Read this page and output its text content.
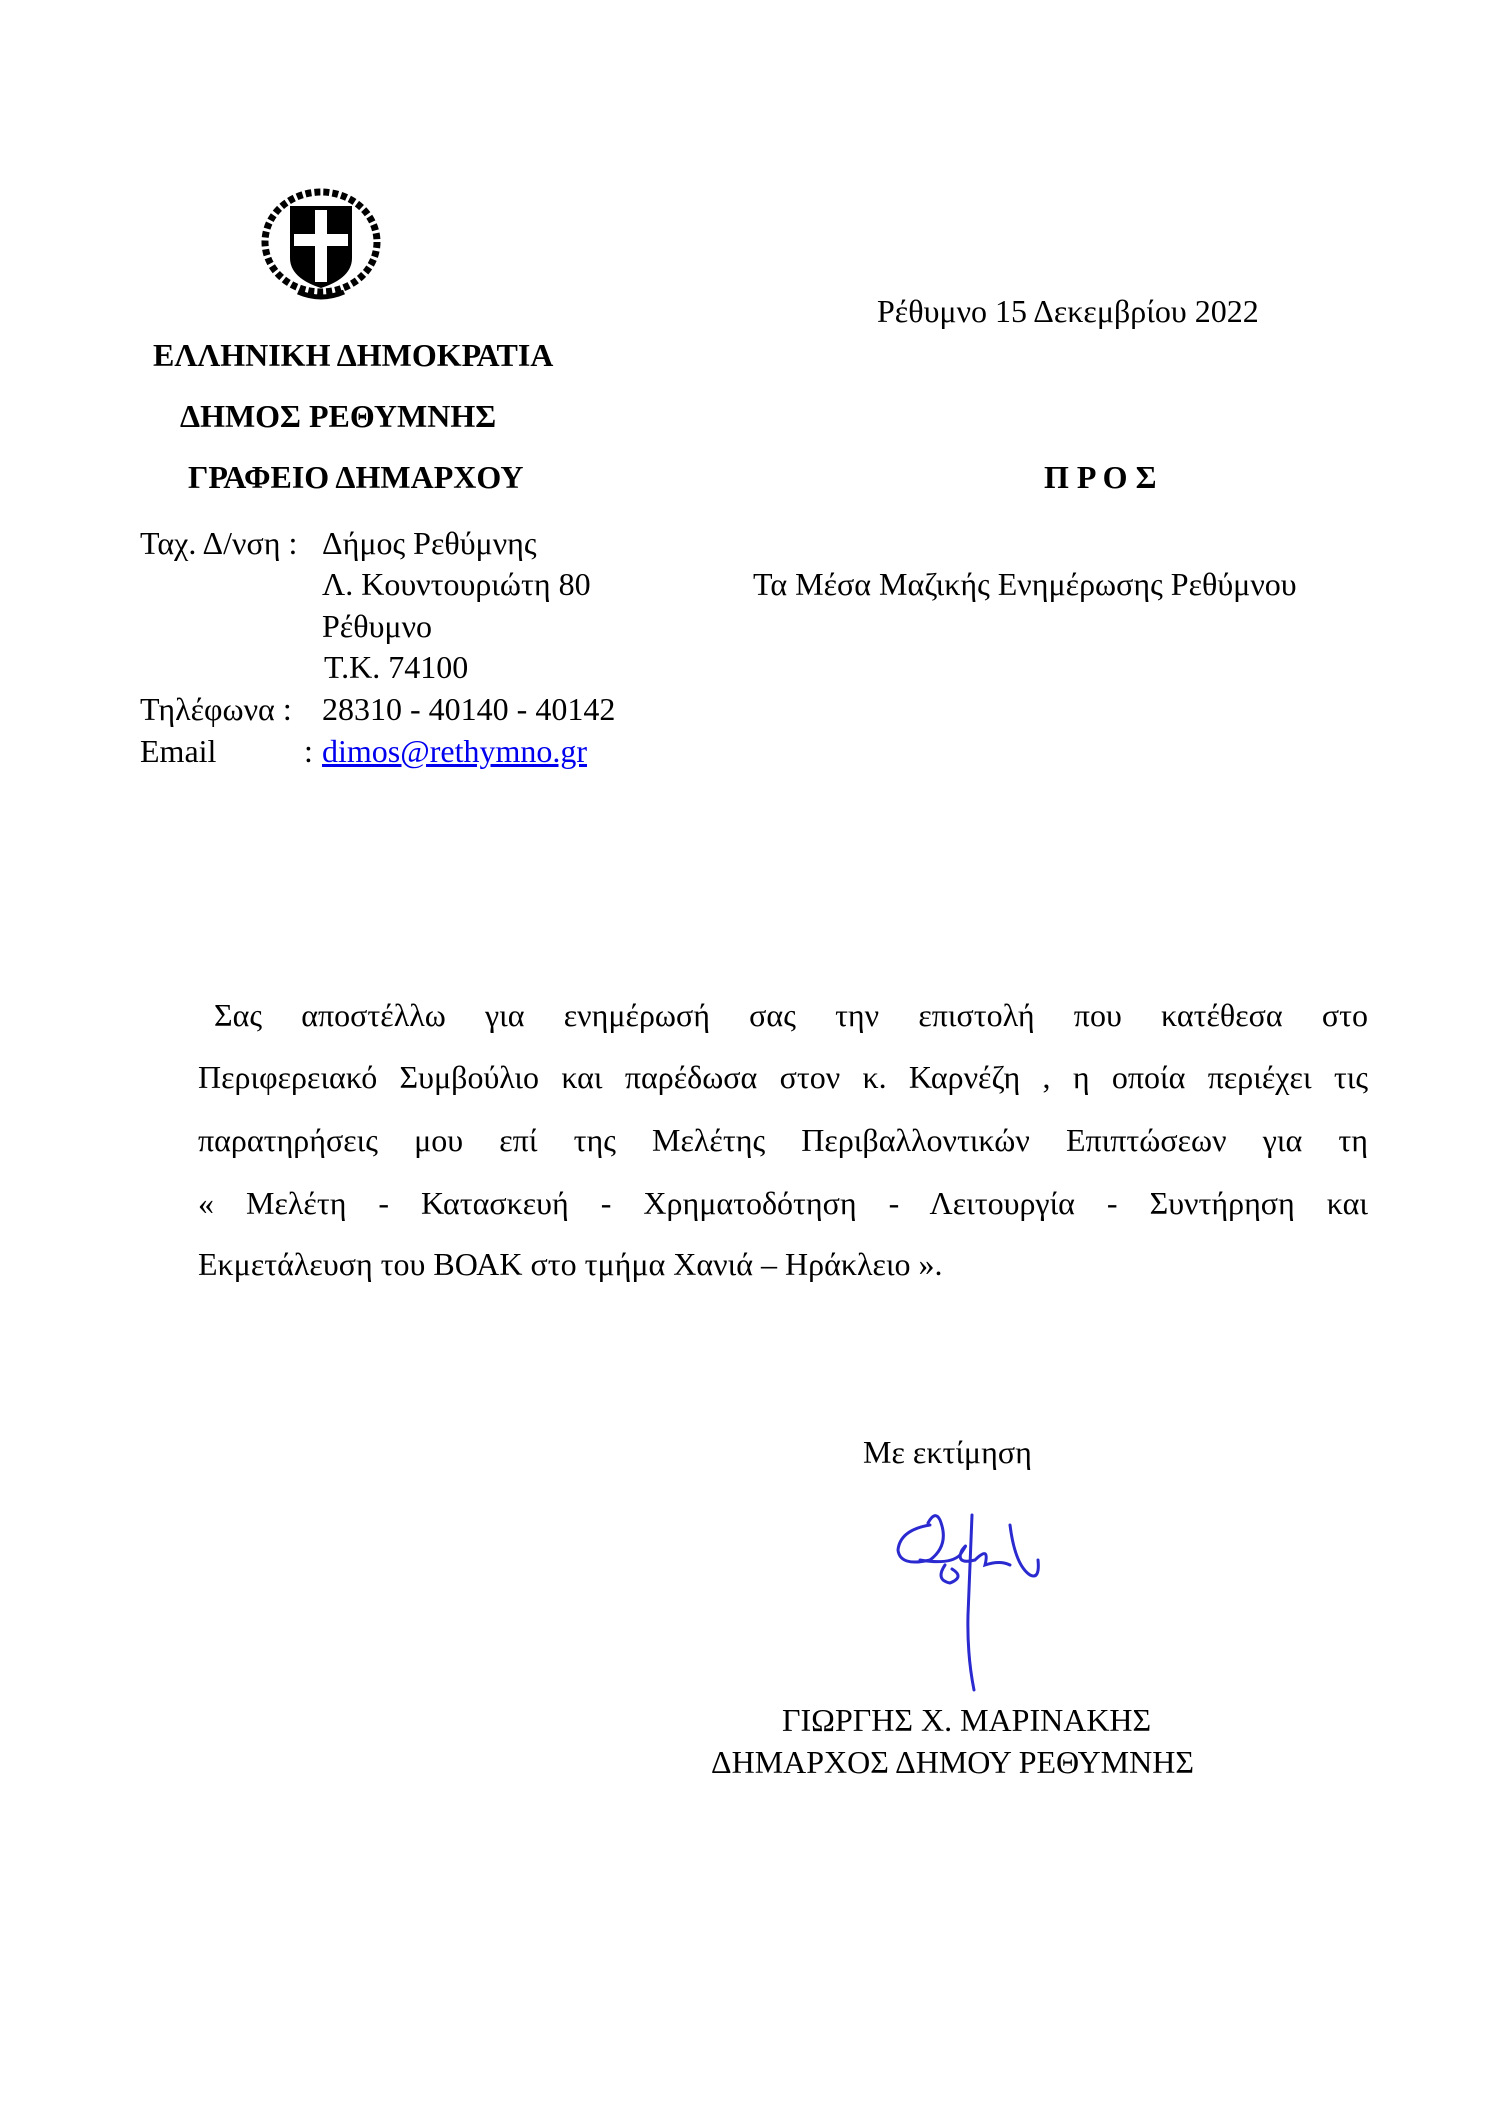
ΕΛΛΗΝΙΚΗ ΔΗΜΟΚΡΑΤΙΑ
ΔΗΜΟΣ ΡΕΘΥΜΝΗΣ
ΓΡΑΦΕΙΟ ΔΗΜΑΡΧΟΥ
Ταχ. Δ/νση : Δήμος Ρεθύμνης
Λ. Κουντουριώτη 80
Ρέθυμνο
Τ.Κ. 74100
Τηλέφωνα : 28310 - 40140 - 40142
Email	: dimos@rethymno.gr
Ρέθυμνο 15 Δεκεμβρίου 2022
Π Ρ Ο Σ
Τα Μέσα Μαζικής Ενημέρωσης Ρεθύμνου
Σας αποστέλλω για ενημέρωσή σας την επιστολή που κατέθεσα στο
Περιφερειακό Συμβούλιο και παρέδωσα στον κ. Καρνέζη , η οποία περιέχει τις
παρατηρήσεις μου επί της Μελέτης Περιβαλλοντικών Επιπτώσεων για τη
« Μελέτη - Κατασκευή - Χρηματοδότηση - Λειτουργία - Συντήρηση και
Εκμετάλευση του ΒΟΑΚ στο τμήμα Χανιά – Ηράκλειο ».
Με εκτίμηση
ΓΙΩΡΓΗΣ Χ. ΜΑΡΙΝΑΚΗΣ
ΔΗΜΑΡΧΟΣ ΔΗΜΟΥ ΡΕΘΥΜΝΗΣ
